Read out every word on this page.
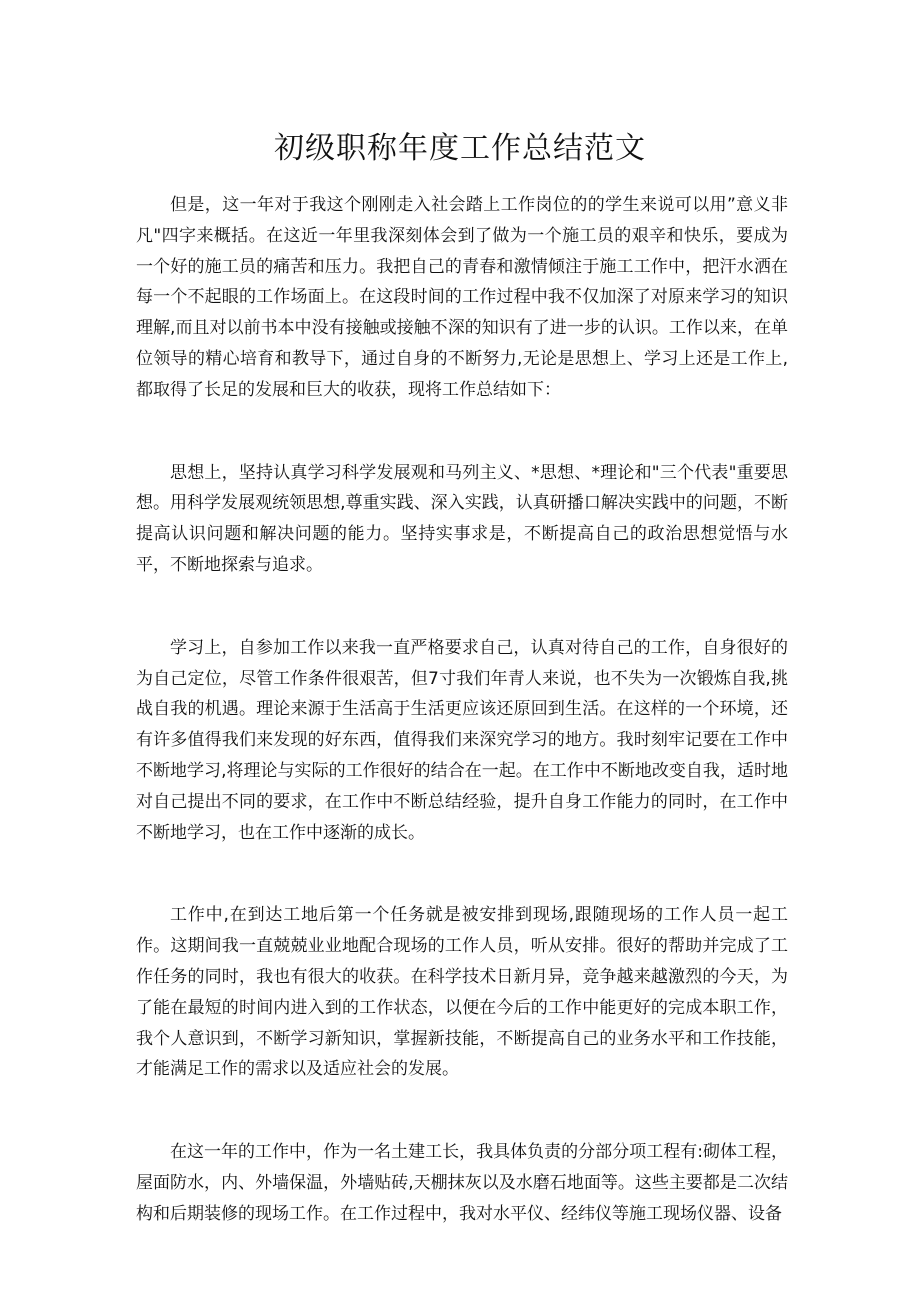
初级职称年度工作总结范文

但是，这一年对于我这个刚刚走入社会踏上工作岗位的的学生来说可以用”意义非凡"四字来概括。在这近一年里我深刻体会到了做为一个施工员的艰辛和快乐，要成为一个好的施工员的痛苦和压力。我把自己的青春和激情倾注于施工工作中，把汗水洒在每一个不起眼的工作场面上。在这段时间的工作过程中我不仅加深了对原来学习的知识理解,而且对以前书本中没有接触或接触不深的知识有了进一步的认识。工作以来，在单位领导的精心培育和教导下，通过自身的不断努力,无论是思想上、学习上还是工作上,都取得了长足的发展和巨大的收获，现将工作总结如下：

思想上，坚持认真学习科学发展观和马列主义、*思想、*理论和"三个代表"重要思想。用科学发展观统领思想,尊重实践、深入实践，认真研播口解决实践中的问题，不断提高认识问题和解决问题的能力。坚持实事求是，不断提高自己的政治思想觉悟与水平，不断地探索与追求。

学习上，自参加工作以来我一直严格要求自己，认真对待自己的工作，自身很好的为自己定位，尽管工作条件很艰苦，但7寸我们年青人来说，也不失为一次锻炼自我,挑战自我的机遇。理论来源于生活高于生活更应该还原回到生活。在这样的一个环境，还有许多值得我们来发现的好东西，值得我们来深究学习的地方。我时刻牢记要在工作中不断地学习,将理论与实际的工作很好的结合在一起。在工作中不断地改变自我，适时地对自己提出不同的要求，在工作中不断总结经验，提升自身工作能力的同时，在工作中不断地学习，也在工作中逐渐的成长。

工作中,在到达工地后第一个任务就是被安排到现场,跟随现场的工作人员一起工作。这期间我一直兢兢业业地配合现场的工作人员，听从安排。很好的帮助并完成了工作任务的同时，我也有很大的收获。在科学技术日新月异，竞争越来越激烈的今天，为了能在最短的时间内进入到的工作状态，以便在今后的工作中能更好的完成本职工作，我个人意识到，不断学习新知识，掌握新技能，不断提高自己的业务水平和工作技能，才能满足工作的需求以及适应社会的发展。

在这一年的工作中，作为一名土建工长，我具体负责的分部分项工程有:砌体工程，屋面防水，内、外墙保温，外墙贴砖,天棚抹灰以及水磨石地面等。这些主要都是二次结构和后期装修的现场工作。在工作过程中，我对水平仪、经纬仪等施工现场仪器、设备
